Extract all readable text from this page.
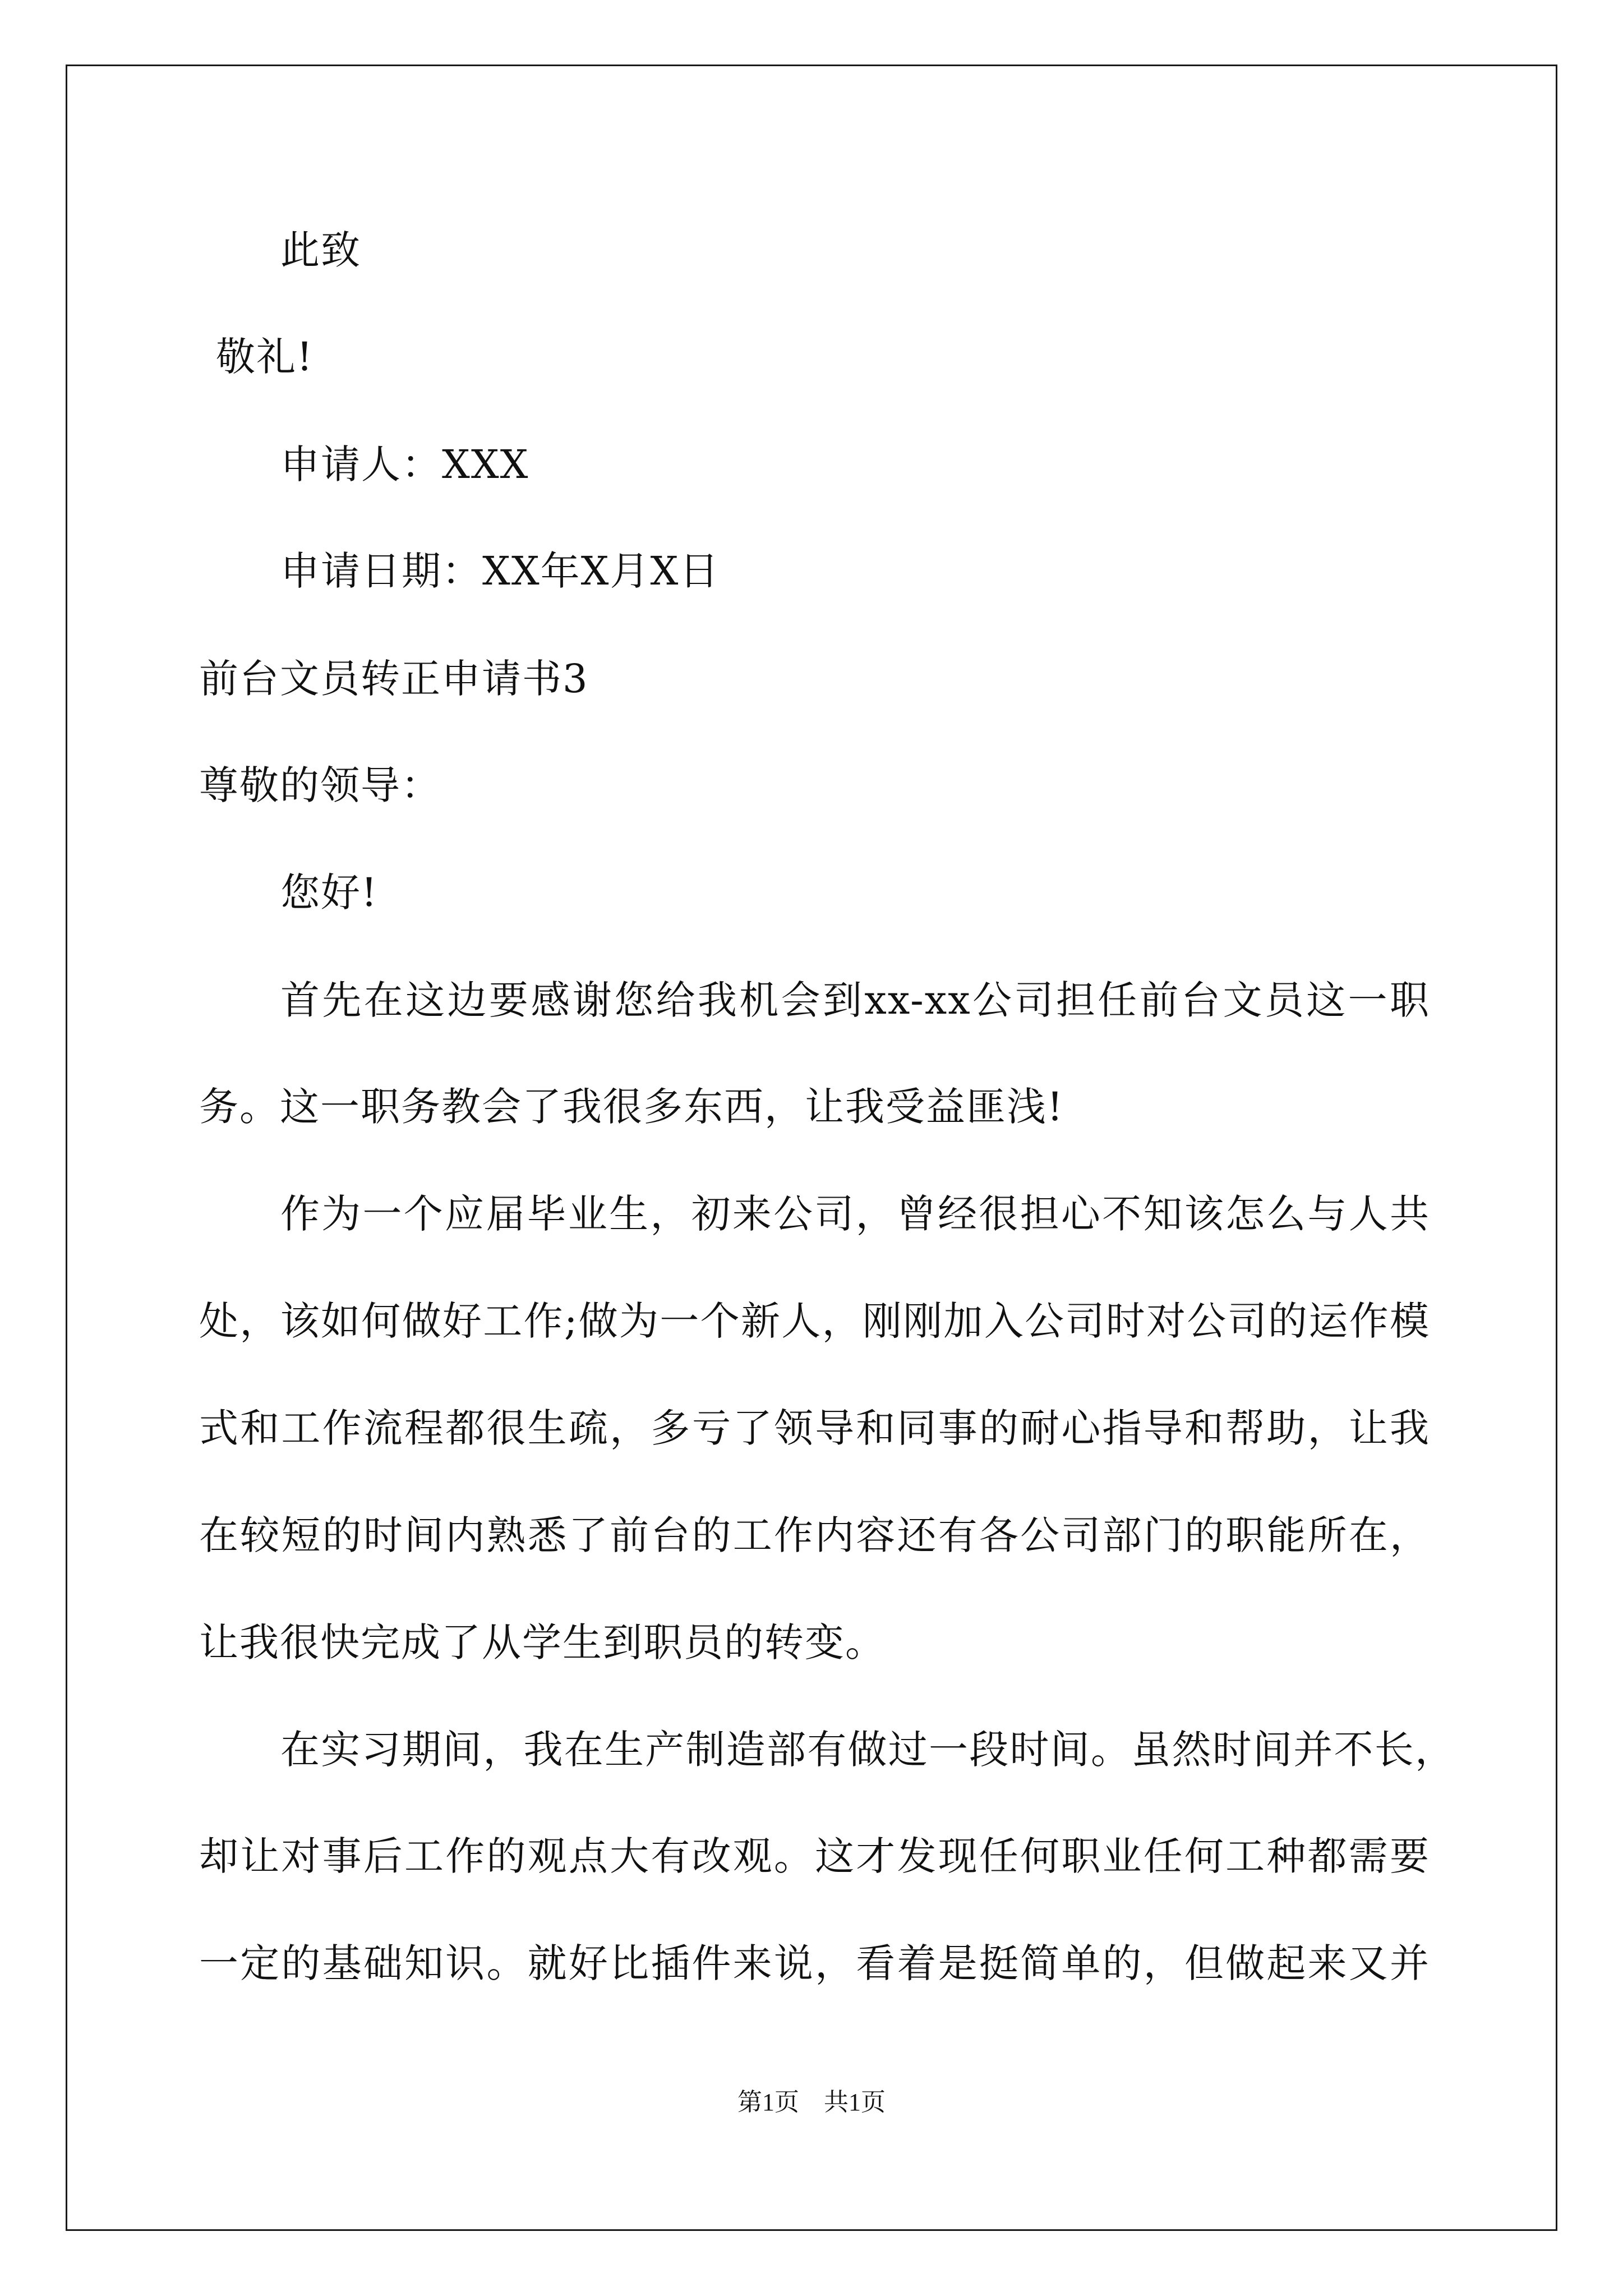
此致
敬礼!
申请人：XXX
申请日期：XX年X月X日
前台文员转正申请书3
尊敬的领导：
您好!
首先在这边要感谢您给我机会到xx-xx公司担任前台文员这一职
务。这一职务教会了我很多东西，让我受益匪浅!
作为一个应届毕业生，初来公司，曾经很担心不知该怎么与人共
处，该如何做好工作;做为一个新人，刚刚加入公司时对公司的运作模
式和工作流程都很生疏，多亏了领导和同事的耐心指导和帮助，让我
在较短的时间内熟悉了前台的工作内容还有各公司部门的职能所在，
让我很快完成了从学生到职员的转变。
在实习期间，我在生产制造部有做过一段时间。虽然时间并不长，
却让对事后工作的观点大有改观。这才发现任何职业任何工种都需要
一定的基础知识。就好比插件来说，看着是挺简单的，但做起来又并
第1页　共1页
